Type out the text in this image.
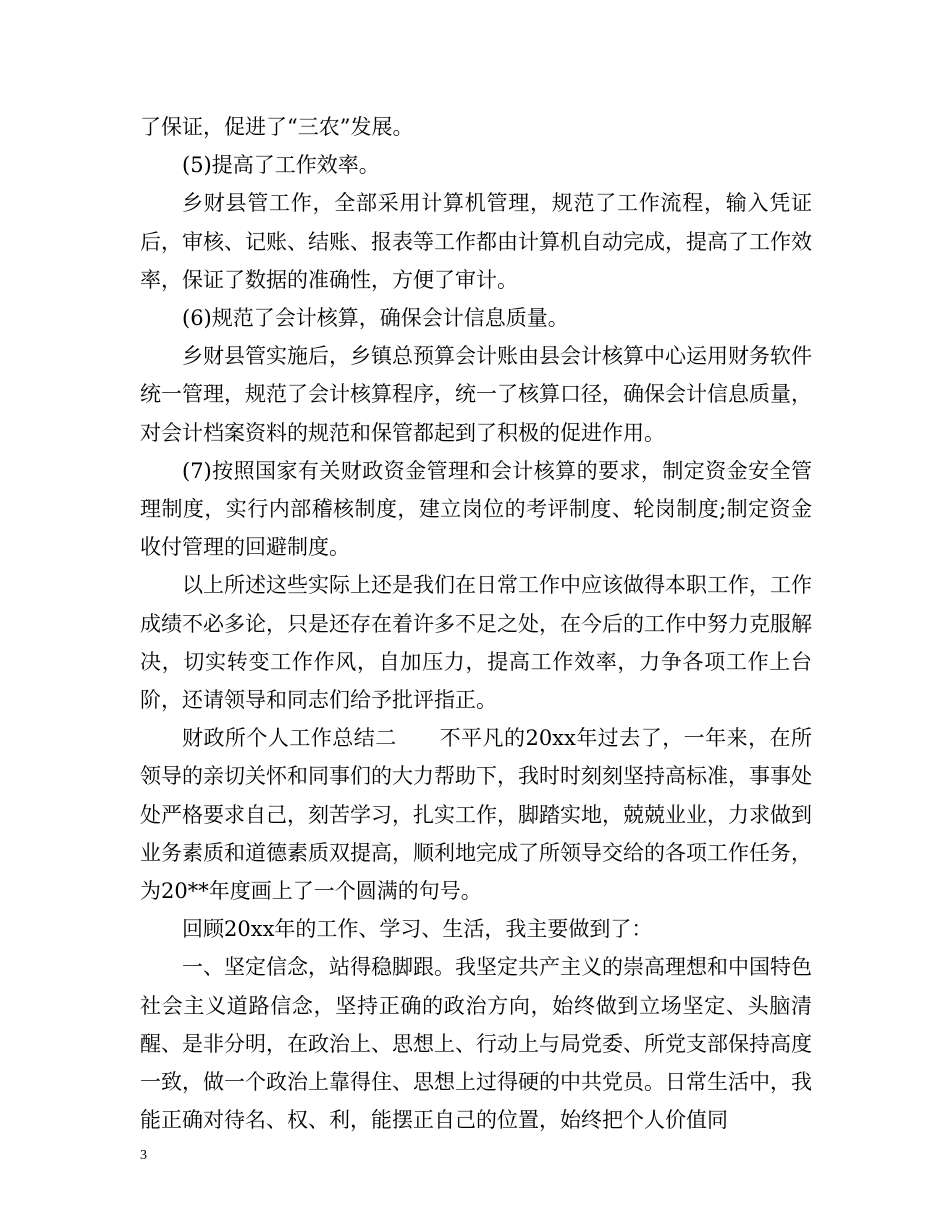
了保证，促进了“三农”发展。

(5)提高了工作效率。

乡财县管工作，全部采用计算机管理，规范了工作流程，输入凭证后，审核、记账、结账、报表等工作都由计算机自动完成，提高了工作效率，保证了数据的准确性，方便了审计。

(6)规范了会计核算，确保会计信息质量。

乡财县管实施后，乡镇总预算会计账由县会计核算中心运用财务软件统一管理，规范了会计核算程序，统一了核算口径，确保会计信息质量，对会计档案资料的规范和保管都起到了积极的促进作用。

(7)按照国家有关财政资金管理和会计核算的要求，制定资金安全管理制度，实行内部稽核制度，建立岗位的考评制度、轮岗制度;制定资金收付管理的回避制度。

以上所述这些实际上还是我们在日常工作中应该做得本职工作，工作成绩不必多论，只是还存在着许多不足之处，在今后的工作中努力克服解决，切实转变工作作风，自加压力，提高工作效率，力争各项工作上台阶，还请领导和同志们给予批评指正。

财政所个人工作总结二　　不平凡的20xx年过去了，一年来，在所领导的亲切关怀和同事们的大力帮助下，我时时刻刻坚持高标准，事事处处严格要求自己，刻苦学习，扎实工作，脚踏实地，兢兢业业，力求做到业务素质和道德素质双提高，顺利地完成了所领导交给的各项工作任务，为20**年度画上了一个圆满的句号。

回顾20xx年的工作、学习、生活，我主要做到了：

一、坚定信念，站得稳脚跟。我坚定共产主义的崇高理想和中国特色社会主义道路信念，坚持正确的政治方向，始终做到立场坚定、头脑清醒、是非分明，在政治上、思想上、行动上与局党委、所党支部保持高度一致，做一个政治上靠得住、思想上过得硬的中共党员。日常生活中，我能正确对待名、权、利，能摆正自己的位置，始终把个人价值同

3
